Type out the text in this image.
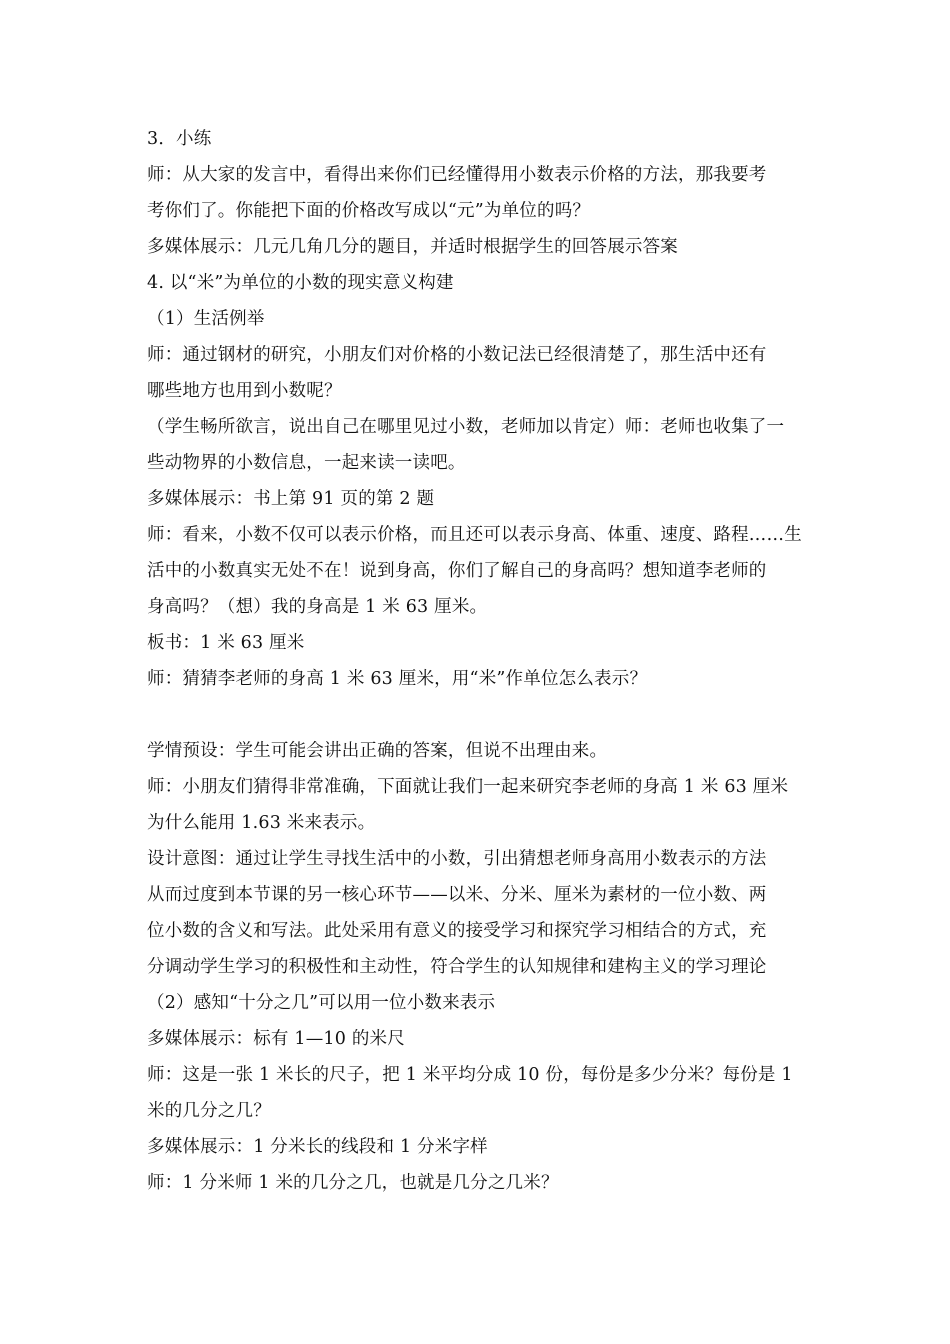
3．小练
师：从大家的发言中，看得出来你们已经懂得用小数表示价格的方法，那我要考
考你们了。你能把下面的价格改写成以“元”为单位的吗？
多媒体展示：几元几角几分的题目，并适时根据学生的回答展示答案
4. 以“米”为单位的小数的现实意义构建
（1）生活例举
师：通过钢材的研究，小朋友们对价格的小数记法已经很清楚了，那生活中还有
哪些地方也用到小数呢？
（学生畅所欲言，说出自己在哪里见过小数，老师加以肯定）师：老师也收集了一
些动物界的小数信息，一起来读一读吧。
多媒体展示：书上第 91 页的第 2 题
师：看来，小数不仅可以表示价格，而且还可以表示身高、体重、速度、路程……生
活中的小数真实无处不在！说到身高，你们了解自己的身高吗？想知道李老师的
身高吗？（想）我的身高是 1 米 63 厘米。
板书：1 米 63 厘米
师：猜猜李老师的身高 1 米 63 厘米，用“米”作单位怎么表示？
学情预设：学生可能会讲出正确的答案，但说不出理由来。
师：小朋友们猜得非常准确，下面就让我们一起来研究李老师的身高 1 米 63 厘米
为什么能用 1.63 米来表示。
设计意图：通过让学生寻找生活中的小数，引出猜想老师身高用小数表示的方法
从而过度到本节课的另一核心环节——以米、分米、厘米为素材的一位小数、两
位小数的含义和写法。此处采用有意义的接受学习和探究学习相结合的方式，充
分调动学生学习的积极性和主动性，符合学生的认知规律和建构主义的学习理论
（2）感知“十分之几”可以用一位小数来表示
多媒体展示：标有 1—10 的米尺
师：这是一张 1 米长的尺子，把 1 米平均分成 10 份，每份是多少分米？每份是 1
米的几分之几？
多媒体展示：1 分米长的线段和 1 分米字样
师：1 分米师 1 米的几分之几，也就是几分之几米？
